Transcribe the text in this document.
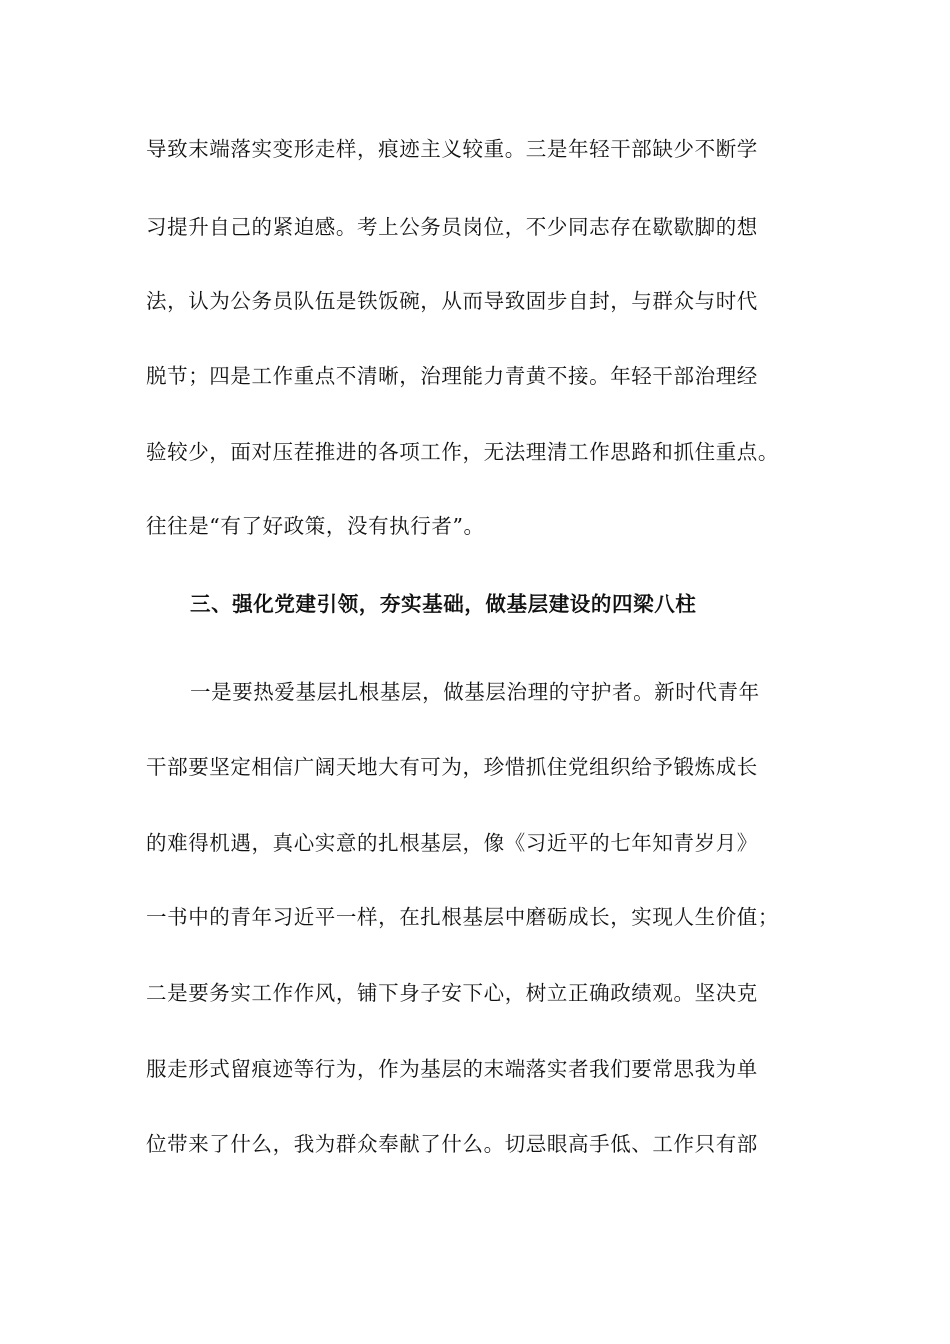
导致末端落实变形走样，痕迹主义较重。三是年轻干部缺少不断学
习提升自己的紧迫感。考上公务员岗位，不少同志存在歇歇脚的想
法，认为公务员队伍是铁饭碗，从而导致固步自封，与群众与时代
脱节；四是工作重点不清晰，治理能力青黄不接。年轻干部治理经
验较少，面对压茬推进的各项工作，无法理清工作思路和抓住重点。
往往是“有了好政策，没有执行者”。
三、强化党建引领，夯实基础，做基层建设的四梁八柱
一是要热爱基层扎根基层，做基层治理的守护者。新时代青年
干部要坚定相信广阔天地大有可为，珍惜抓住党组织给予锻炼成长
的难得机遇，真心实意的扎根基层，像《习近平的七年知青岁月》
一书中的青年习近平一样，在扎根基层中磨砺成长，实现人生价值；
二是要务实工作作风，铺下身子安下心，树立正确政绩观。坚决克
服走形式留痕迹等行为，作为基层的末端落实者我们要常思我为单
位带来了什么，我为群众奉献了什么。切忌眼高手低、工作只有部
